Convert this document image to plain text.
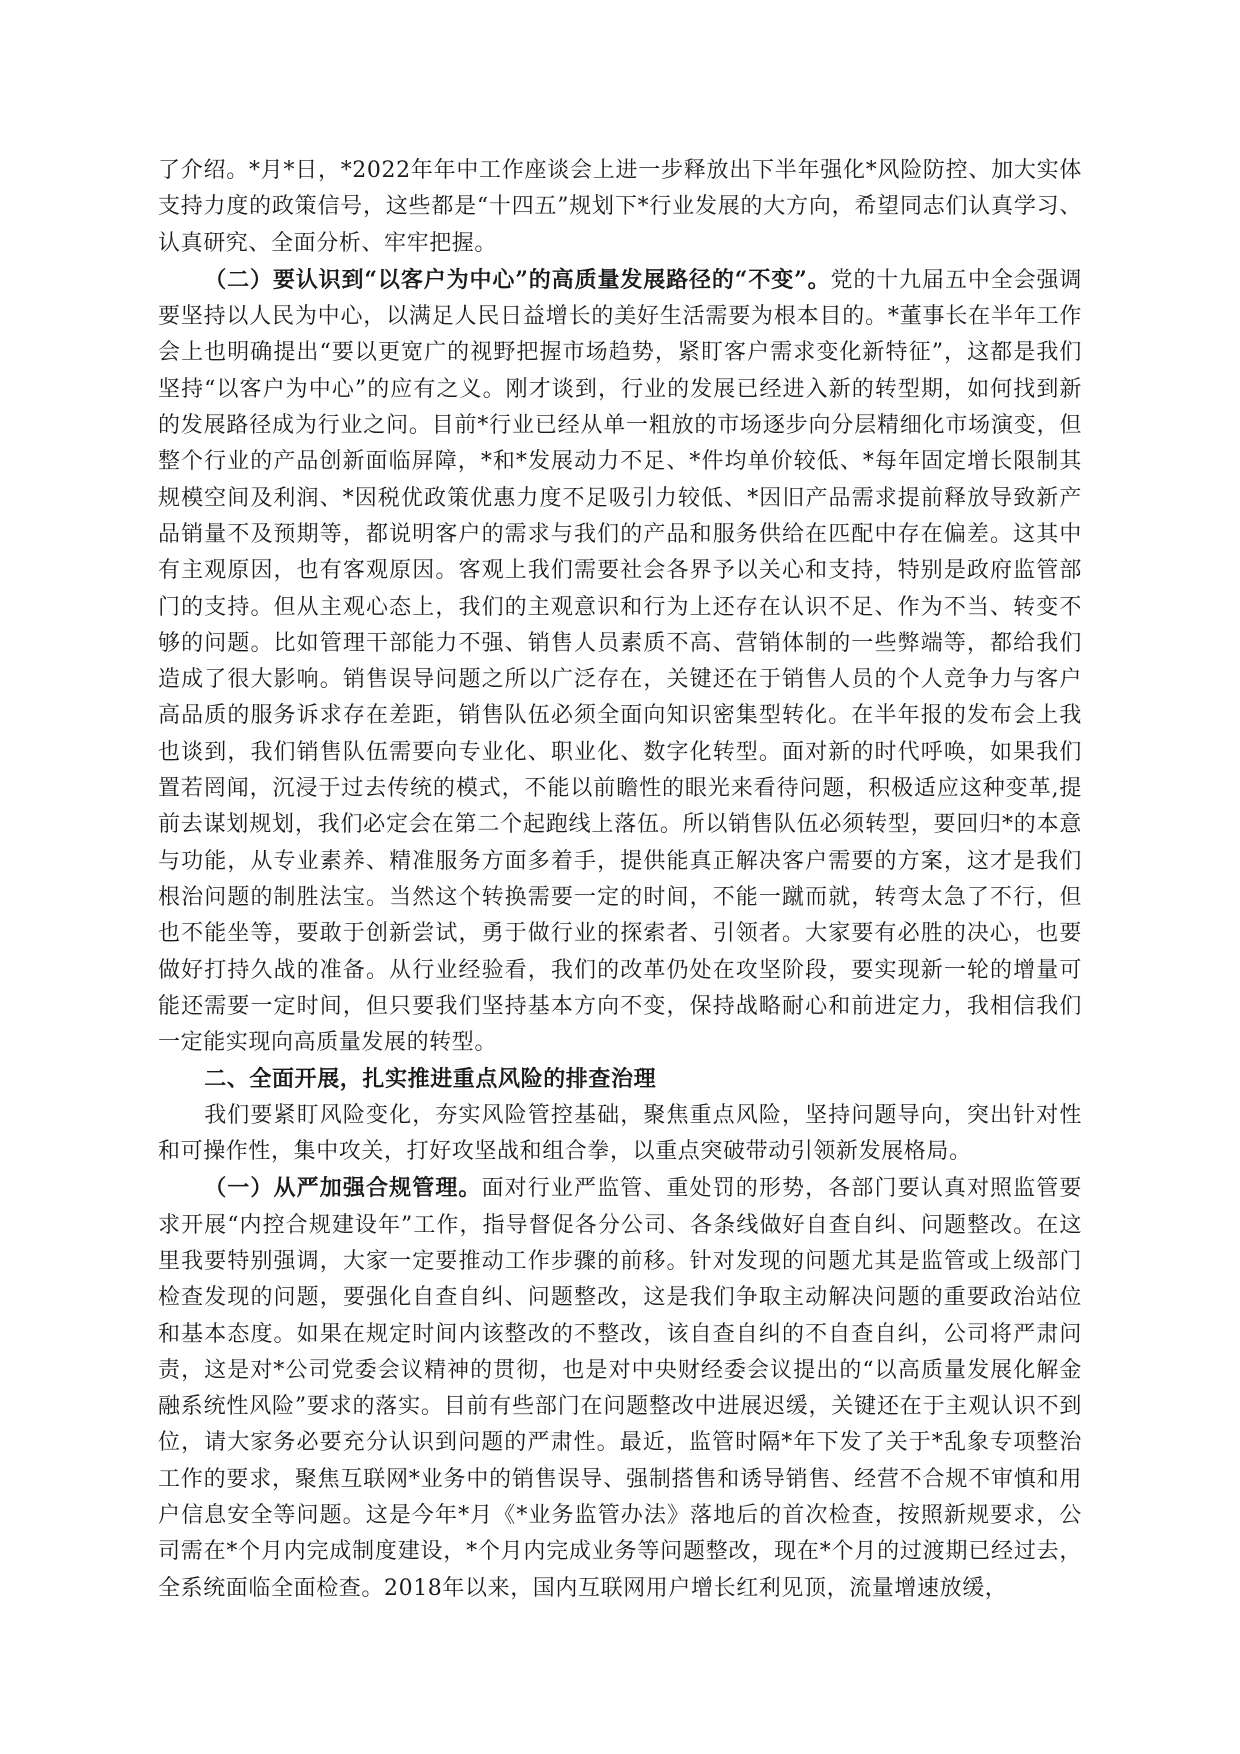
了介绍。*月*日，*2022年年中工作座谈会上进一步释放出下半年强化*风险防控、加大实体支持力度的政策信号，这些都是“十四五”规划下*行业发展的大方向，希望同志们认真学习、认真研究、全面分析、牢牢把握。

（二）要认识到“以客户为中心”的高质量发展路径的“不变”。党的十九届五中全会强调要坚持以人民为中心，以满足人民日益增长的美好生活需要为根本目的。*董事长在半年工作会上也明确提出“要以更宽广的视野把握市场趋势，紧盯客户需求变化新特征”，这都是我们坚持“以客户为中心”的应有之义。刚才谈到，行业的发展已经进入新的转型期，如何找到新的发展路径成为行业之问。目前*行业已经从单一粗放的市场逐步向分层精细化市场演变，但整个行业的产品创新面临屏障，*和*发展动力不足、*件均单价较低、*每年固定增长限制其规模空间及利润、*因税优政策优惠力度不足吸引力较低、*因旧产品需求提前释放导致新产品销量不及预期等，都说明客户的需求与我们的产品和服务供给在匹配中存在偏差。这其中有主观原因，也有客观原因。客观上我们需要社会各界予以关心和支持，特别是政府监管部门的支持。但从主观心态上，我们的主观意识和行为上还存在认识不足、作为不当、转变不够的问题。比如管理干部能力不强、销售人员素质不高、营销体制的一些弊端等，都给我们造成了很大影响。销售误导问题之所以广泛存在，关键还在于销售人员的个人竞争力与客户高品质的服务诉求存在差距，销售队伍必须全面向知识密集型转化。在半年报的发布会上我也谈到，我们销售队伍需要向专业化、职业化、数字化转型。面对新的时代呼唤，如果我们置若罔闻，沉浸于过去传统的模式，不能以前瞻性的眼光来看待问题，积极适应这种变革,提前去谋划规划，我们必定会在第二个起跑线上落伍。所以销售队伍必须转型，要回归*的本意与功能，从专业素养、精准服务方面多着手，提供能真正解决客户需要的方案，这才是我们根治问题的制胜法宝。当然这个转换需要一定的时间，不能一蹴而就，转弯太急了不行，但也不能坐等，要敢于创新尝试，勇于做行业的探索者、引领者。大家要有必胜的决心，也要做好打持久战的准备。从行业经验看，我们的改革仍处在攻坚阶段，要实现新一轮的增量可能还需要一定时间，但只要我们坚持基本方向不变，保持战略耐心和前进定力，我相信我们一定能实现向高质量发展的转型。

二、全面开展，扎实推进重点风险的排查治理

我们要紧盯风险变化，夯实风险管控基础，聚焦重点风险，坚持问题导向，突出针对性和可操作性，集中攻关，打好攻坚战和组合拳，以重点突破带动引领新发展格局。

（一）从严加强合规管理。面对行业严监管、重处罚的形势，各部门要认真对照监管要求开展“内控合规建设年”工作，指导督促各分公司、各条线做好自查自纠、问题整改。在这里我要特别强调，大家一定要推动工作步骤的前移。针对发现的问题尤其是监管或上级部门检查发现的问题，要强化自查自纠、问题整改，这是我们争取主动解决问题的重要政治站位和基本态度。如果在规定时间内该整改的不整改，该自查自纠的不自查自纠，公司将严肃问责，这是对*公司党委会议精神的贯彻，也是对中央财经委会议提出的“以高质量发展化解金融系统性风险”要求的落实。目前有些部门在问题整改中进展迟缓，关键还在于主观认识不到位，请大家务必要充分认识到问题的严肃性。最近，监管时隔*年下发了关于*乱象专项整治工作的要求，聚焦互联网*业务中的销售误导、强制搭售和诱导销售、经营不合规不审慎和用户信息安全等问题。这是今年*月《*业务监管办法》落地后的首次检查，按照新规要求，公司需在*个月内完成制度建设，*个月内完成业务等问题整改，现在*个月的过渡期已经过去，全系统面临全面检查。2018年以来，国内互联网用户增长红利见顶，流量增速放缓，
